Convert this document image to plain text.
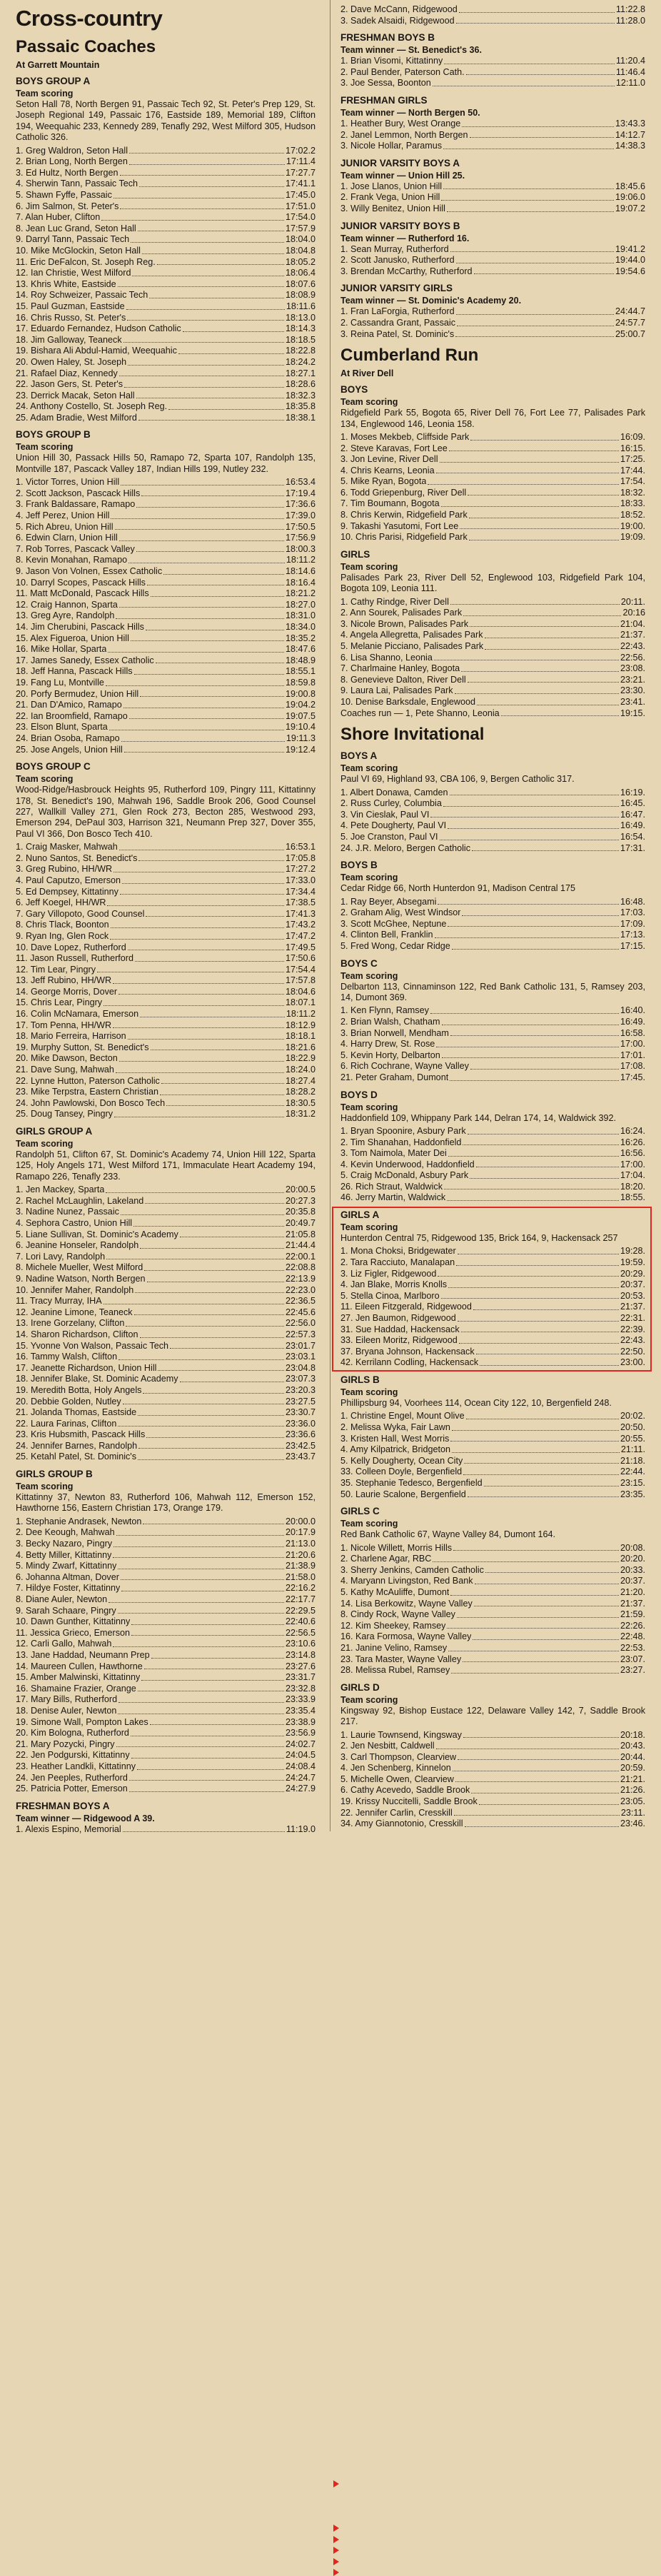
Cross-country
Passaic Coaches
At Garrett Mountain
BOYS GROUP A
Team scoring
Seton Hall 78, North Bergen 91, Passaic Tech 92, St. Peter's Prep 129, St. Joseph Regional 149, Passaic 176, Eastside 189, Memorial 189, Clifton 194, Weequahic 233, Kennedy 289, Tenafly 292, West Milford 305, Hudson Catholic 326.
1. Greg Waldron, Seton Hall	17:02.2
2. Brian Long, North Bergen	17:11.4
3. Ed Hultz, North Bergen	17:27.7
4. Sherwin Tann, Passaic Tech	17:41.1
5. Shawn Fyffe, Passaic	17:45.0
6. Jim Salmon, St. Peter's	17:51.0
7. Alan Huber, Clifton	17:54.0
8. Jean Luc Grand, Seton Hall	17:57.9
9. Darryl Tann, Passaic Tech	18:04.0
10. Mike McGlockin, Seton Hall	18:04.8
11. Eric DeFalcon, St. Joseph Reg.	18:05.2
12. Ian Christie, West Milford	18:06.4
13. Khris White, Eastside	18:07.6
14. Roy Schweizer, Passaic Tech	18:08.9
15. Paul Guzman, Eastside	18:11.6
16. Chris Russo, St. Peter's	18:13.0
17. Eduardo Fernandez, Hudson Catholic	18:14.3
18. Jim Galloway, Teaneck	18:18.5
19. Bishara Ali Abdul-Hamid, Weequahic	18:22.8
20. Owen Haley, St. Joseph	18:24.2
21. Rafael Diaz, Kennedy	18:27.1
22. Jason Gers, St. Peter's	18:28.6
23. Derrick Macak, Seton Hall	18:32.3
24. Anthony Costello, St. Joseph Reg.	18:35.8
25. Adam Bradie, West Milford	18:38.1
BOYS GROUP B
Team scoring
Union Hill 30, Passack Hills 50, Ramapo 72, Sparta 107, Randolph 135, Montville 187, Pascack Valley 187, Indian Hills 199, Nutley 232.
1. Victor Torres, Union Hill	16:53.4
2. Scott Jackson, Pascack Hills	17:19.4
3. Frank Baldassare, Ramapo	17:36.6
4. Jeff Perez, Union Hill	17:39.0
5. Rich Abreu, Union Hill	17:50.5
6. Edwin Clarn, Union Hill	17:56.9
7. Rob Torres, Pascack Valley	18:00.3
8. Kevin Monahan, Ramapo	18:11.2
9. Jason Von Volnen, Essex Catholic	18:14.6
10. Darryl Scopes, Pascack Hills	18:16.4
11. Matt McDonald, Pascack Hills	18:21.2
12. Craig Hannon, Sparta	18:27.0
13. Greg Ayre, Randolph	18:31.0
14. Jim Cherubini, Pascack Hills	18:34.0
15. Alex Figueroa, Union Hill	18:35.2
16. Mike Hollar, Sparta	18:47.6
17. James Sanedy, Essex Catholic	18:48.9
18. Jeff Hanna, Pascack Hills	18:55.1
19. Fang Lu, Montville	18:59.8
20. Porfy Bermudez, Union Hill	19:00.8
21. Dan D'Amico, Ramapo	19:04.2
22. Ian Broomfield, Ramapo	19:07.5
23. Elson Blunt, Sparta	19:10.4
24. Brian Osoba, Ramapo	19:11.3
25. Jose Angels, Union Hill	19:12.4
BOYS GROUP C
Team scoring
Wood-Ridge/Hasbrouck Heights 95, Rutherford 109, Pingry 111, Kittatinny 178, St. Benedict's 190, Mahwah 196, Saddle Brook 206, Good Counsel 227, Wallkill Valley 271, Glen Rock 273, Becton 285, Westwood 293, Emerson 294, DePaul 303, Harrison 321, Neumann Prep 327, Dover 355, Paul VI 366, Don Bosco Tech 410.
1. Craig Masker, Mahwah	16:53.1
2. Nuno Santos, St. Benedict's	17:05.8
3. Greg Rubino, HH/WR	17:27.2
4. Paul Caputzo, Emerson	17:33.0
5. Ed Dempsey, Kittatinny	17:34.4
6. Jeff Koegel, HH/WR	17:38.5
7. Gary Villopoto, Good Counsel	17:41.3
8. Chris Tlack, Boonton	17:43.2
9. Ryan Ing, Glen Rock	17:47.2
10. Dave Lopez, Rutherford	17:49.5
11. Jason Russell, Rutherford	17:50.6
12. Tim Lear, Pingry	17:54.4
13. Jeff Rubino, HH/WR	17:57.8
14. George Morris, Dover	18:04.6
15. Chris Lear, Pingry	18:07.1
16. Colin McNamara, Emerson	18:11.2
17. Tom Penna, HH/WR	18:12.9
18. Mario Ferreira, Harrison	18:18.1
19. Murphy Sutton, St. Benedict's	18:21.6
20. Mike Dawson, Becton	18:22.9
21. Dave Sung, Mahwah	18:24.0
22. Lynne Hutton, Paterson Catholic	18:27.4
23. Mike Terpstra, Eastern Christian	18:28.2
24. John Pawlowski, Don Bosco Tech	18:30.5
25. Doug Tansey, Pingry	18:31.2
GIRLS GROUP A
Team scoring
Randolph 51, Clifton 67, St. Dominic's Academy 74, Union Hill 122, Sparta 125, Holy Angels 171, West Milford 171, Immaculate Heart Academy 194, Ramapo 226, Tenafly 233.
1. Jen Mackey, Sparta	20:00.5
2. Rachel McLaughlin, Lakeland	20:27.3
3. Nadine Nunez, Passaic	20:35.8
4. Sephora Castro, Union Hill	20:49.7
5. Liane Sullivan, St. Dominic's Academy	21:05.8
6. Jeanine Honseler, Randolph	21:44.4
7. Lori Lavy, Randolph	22:00.1
8. Michele Mueller, West Milford	22:08.8
9. Nadine Watson, North Bergen	22:13.9
10. Jennifer Maher, Randolph	22:23.0
11. Tracy Murray, IHA	22:36.5
12. Jeanine Limone, Teaneck	22:45.6
13. Irene Gorzelany, Clifton	22:56.0
14. Sharon Richardson, Clifton	22:57.3
15. Yvonne Von Walson, Passaic Tech	23:01.7
16. Tammy Walsh, Clifton	23:03.1
17. Jeanette Richardson, Union Hill	23:04.8
18. Jennifer Blake, St. Dominic Academy	23:07.3
19. Meredith Botta, Holy Angels	23:20.3
20. Debbie Golden, Nutley	23:27.5
21. Jolanda Thomas, Eastside	23:30.7
22. Laura Farinas, Clifton	23:36.0
23. Kris Hubsmith, Pascack Hills	23:36.6
24. Jennifer Barnes, Randolph	23:42.5
25. Ketahl Patel, St. Dominic's	23:43.7
GIRLS GROUP B
Team scoring
Kittatinny 37, Newton 83, Rutherford 106, Mahwah 112, Emerson 152, Hawthorne 156, Eastern Christian 173, Orange 179.
1. Stephanie Andrasek, Newton	20:00.0
2. Dee Keough, Mahwah	20:17.9
3. Becky Nazaro, Pingry	21:13.0
4. Betty Miller, Kittatinny	21:20.6
5. Mindy Zwarf, Kittatinny	21:38.9
6. Johanna Altman, Dover	21:58.0
7. Hildye Foster, Kittatinny	22:16.2
8. Diane Auler, Newton	22:17.7
9. Sarah Schaare, Pingry	22:29.5
10. Dawn Gunther, Kittatinny	22:40.6
11. Jessica Grieco, Emerson	22:56.5
12. Carli Gallo, Mahwah	23:10.6
13. Jane Haddad, Neumann Prep	23:14.8
14. Maureen Cullen, Hawthorne	23:27.6
15. Amber Malwinski, Kittatinny	23:31.7
16. Shamaine Frazier, Orange	23:32.8
17. Mary Bills, Rutherford	23:33.9
18. Denise Auler, Newton	23:35.4
19. Simone Wall, Pompton Lakes	23:38.9
20. Kim Bologna, Rutherford	23:56.9
21. Mary Pozycki, Pingry	24:02.7
22. Jen Podgurski, Kittatinny	24:04.5
23. Heather Landkli, Kittatinny	24:08.4
24. Jen Peeples, Rutherford	24:24.7
25. Patricia Potter, Emerson	24:27.9
FRESHMAN BOYS A
Team winner — Ridgewood A 39.
1. Alexis Espino, Memorial	11:19.0
2. Dave McCann, Ridgewood	11:22.8
3. Sadek Alsaidi, Ridgewood	11:28.0
FRESHMAN BOYS B
Team winner — St. Benedict's 36.
1. Brian Visomi, Kittatinny	11:20.4
2. Paul Bender, Paterson Cath.	11:46.4
3. Joe Sessa, Boonton	12:11.0
FRESHMAN GIRLS
Team winner — North Bergen 50.
1. Heather Bury, West Orange	13:43.3
2. Janel Lemmon, North Bergen	14:12.7
3. Nicole Hollar, Paramus	14:38.3
JUNIOR VARSITY BOYS A
Team winner — Union Hill 25.
1. Jose Llanos, Union Hill	18:45.6
2. Frank Vega, Union Hill	19:06.0
3. Willy Benitez, Union Hill	19:07.2
JUNIOR VARSITY BOYS B
Team winner — Rutherford 16.
1. Sean Murray, Rutherford	19:41.2
2. Scott Janusko, Rutherford	19:44.0
3. Brendan McCarthy, Rutherford	19:54.6
JUNIOR VARSITY GIRLS
Team winner — St. Dominic's Academy 20.
1. Fran LaForgia, Rutherford	24:44.7
2. Cassandra Grant, Passaic	24:57.7
3. Reina Patel, St. Dominic's	25:00.7
Cumberland Run
At River Dell
BOYS
Team scoring
Ridgefield Park 55, Bogota 65, River Dell 76, Fort Lee 77, Palisades Park 134, Englewood 146, Leonia 158.
1. Moses Mekbeb, Cliffside Park	16:09.
2. Steve Karavas, Fort Lee	16:15.
3. Jon Levine, River Dell	17:25.
4. Chris Kearns, Leonia	17:44.
5. Mike Ryan, Bogota	17:54.
6. Todd Griepenburg, River Dell	18:32.
7. Tim Boumann, Bogota	18:33.
8. Chris Kerwin, Ridgefield Park	18:52.
9. Takashi Yasutomi, Fort Lee	19:00.
10. Chris Parisi, Ridgefield Park	19:09.
GIRLS
Team scoring
Palisades Park 23, River Dell 52, Englewood 103, Ridgefield Park 104, Bogota 109, Leonia 111.
1. Cathy Rindge, River Dell	20:11.
2. Ann Sourek, Palisades Park	20:16
3. Nicole Brown, Palisades Park	21:04.
4. Angela Allegretta, Palisades Park	21:37.
5. Melanie Picciano, Palisades Park	22:43.
6. Lisa Shanno, Leonia	22:56.
7. Charlmaine Hanley, Bogota	23:08.
8. Genevieve Dalton, River Dell	23:21.
9. Laura Lai, Palisades Park	23:30.
10. Denise Barksdale, Englewood	23:41.
Coaches run — 1, Pete Shanno, Leonia	19:15.
Shore Invitational
BOYS A
Team scoring
Paul VI 69, Highland 93, CBA 106, 9, Bergen Catholic 317.
1. Albert Donawa, Camden	16:19.
2. Russ Curley, Columbia	16:45.
3. Vin Cieslak, Paul VI	16:47.
4. Pete Dougherty, Paul VI	16:49.
5. Joe Cranston, Paul VI	16:54.
24. J.R. Meloro, Bergen Catholic	17:31.
BOYS B
Team scoring
Cedar Ridge 66, North Hunterdon 91, Madison Central 175
1. Ray Beyer, Absegami	16:48.
2. Graham Alig, West Windsor	17:03.
3. Scott McGhee, Neptune	17:09.
4. Clinton Bell, Franklin	17:13.
5. Fred Wong, Cedar Ridge	17:15.
BOYS C
Team scoring
Delbarton 113, Cinnaminson 122, Red Bank Catholic 131, 5, Ramsey 203, 14, Dumont 369.
1. Ken Flynn, Ramsey	16:40.
2. Brian Walsh, Chatham	16:49.
3. Brian Norwell, Mendham	16:58.
4. Harry Drew, St. Rose	17:00.
5. Kevin Horty, Delbarton	17:01.
6. Rich Cochrane, Wayne Valley	17:08.
21. Peter Graham, Dumont	17:45.
BOYS D
Team scoring
Haddonfield 109, Whippany Park 144, Delran 174, 14, Waldwick 392.
1. Bryan Spoonire, Asbury Park	16:24.
2. Tim Shanahan, Haddonfield	16:26.
3. Tom Naimola, Mater Dei	16:56.
4. Kevin Underwood, Haddonfield	17:00.
5. Craig McDonald, Asbury Park	17:04.
26. Rich Straut, Waldwick	18:20.
46. Jerry Martin, Waldwick	18:55.
GIRLS A
Team scoring
Hunterdon Central 75, Ridgewood 135, Brick 164, 9, Hackensack 257
1. Mona Choksi, Bridgewater	19:28.
2. Tara Racciuto, Manalapan	19:59.
3. Liz Figler, Ridgewood	20:29.
4. Jan Blake, Morris Knolls	20:37.
5. Stella Cinoa, Marlboro	20:53.
11. Eileen Fitzgerald, Ridgewood	21:37.
27. Jen Baumon, Ridgewood	22:31.
31. Sue Haddad, Hackensack	22:39.
33. Eileen Moritz, Ridgewood	22:43.
37. Bryana Johnson, Hackensack	22:50.
42. Kerrilann Codling, Hackensack	23:00.
GIRLS B
Team scoring
Phillipsburg 94, Voorhees 114, Ocean City 122, 10, Bergenfield 248.
1. Christine Engel, Mount Olive	20:02.
2. Melissa Wyka, Fair Lawn	20:50.
3. Kristen Hall, West Morris	20:55.
4. Amy Kilpatrick, Bridgeton	21:11.
5. Kelly Dougherty, Ocean City	21:18.
33. Colleen Doyle, Bergenfield	22:44.
35. Stephanie Tedesco, Bergenfield	23:15.
50. Laurie Scalone, Bergenfield	23:35.
GIRLS C
Team scoring
Red Bank Catholic 67, Wayne Valley 84, Dumont 164.
1. Nicole Willett, Morris Hills	20:08.
2. Charlene Agar, RBC	20:20.
3. Sherry Jenkins, Camden Catholic	20:33.
4. Maryann Livingston, Red Bank	20:37.
5. Kathy McAuliffe, Dumont	21:20.
14. Lisa Berkowitz, Wayne Valley	21:37.
8. Cindy Rock, Wayne Valley	21:59.
12. Kim Sheekey, Ramsey	22:26.
16. Kara Formosa, Wayne Valley	22:48.
21. Janine Velino, Ramsey	22:53.
23. Tara Master, Wayne Valley	23:07.
28. Melissa Rubel, Ramsey	23:27.
GIRLS D
Team scoring
Kingsway 92, Bishop Eustace 122, Delaware Valley 142, 7, Saddle Brook 217.
1. Laurie Townsend, Kingsway	20:18.
2. Jen Nesbitt, Caldwell	20:43.
3. Carl Thompson, Clearview	20:44.
4. Jen Schenberg, Kinnelon	20:59.
5. Michelle Owen, Clearview	21:21.
6. Cathy Acevedo, Saddle Brook	21:26.
19. Krissy Nuccitelli, Saddle Brook	23:05.
22. Jennifer Carlin, Cresskill	23:11.
34. Amy Giannotonio, Cresskill	23:46.
